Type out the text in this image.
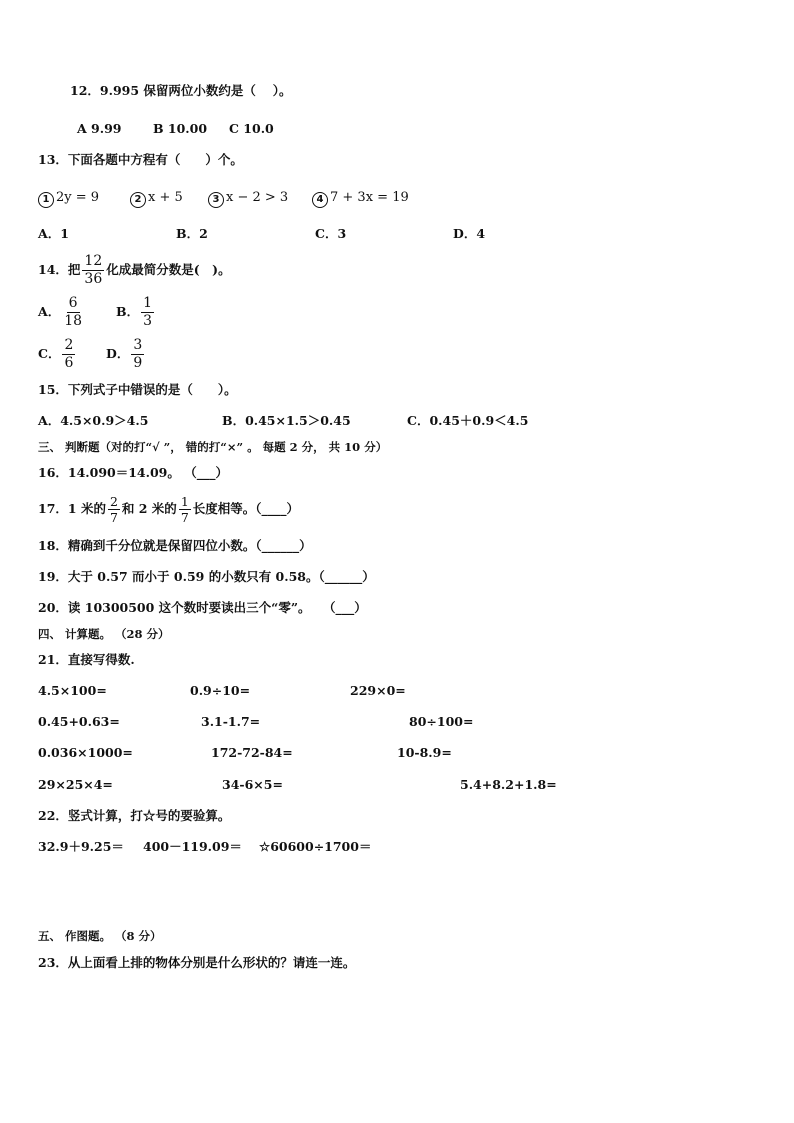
12．9.995 保留两位小数约是（　 ）。
A 9.99	B 10.00 C 10.0
13．下面各题中方程有（　　）个。
1 2y = 9	2 x + 5	3 x − 2 > 3	4 7 + 3x = 19
A．1	B．2	C．3	D．4
14．把 $\frac{12}{36}$ 化成最简分数是(　)。
A． $\frac{6}{18}$	B． $\frac{1}{3}$
C． $\frac{2}{6}$ D． $\frac{3}{9}$
15．下列式子中错误的是（　　）。
A．4.5×0.9＞4.5	B．0.45×1.5＞0.45	C．0.45＋0.9＜4.5
三、 判断题（对的打“√ ”， 错的打“×” 。 每题 2 分， 共 10 分）
16．14.090＝14.09。 （___）
17．1 米的 $\frac{2}{7}$ 和 2 米的 $\frac{1}{7}$ 长度相等。（____）
18．精确到千分位就是保留四位小数。（______）
19．大于 0.57 而小于 0.59 的小数只有 0.58。（______）
20．读 10300500 这个数时要读出三个“零”。　　（___）
四、 计算题。 （28 分）
21．直接写得数.
4.5×100=	0.9÷10=	229×0=
0.45+0.63=	3.1-1.7=	80÷100=
0.036×1000=	172-72-84=	10-8.9=
29×25×4=	34-6×5=	5.4+8.2+1.8=
22．竖式计算，打☆号的要验算。
32.9＋9.25＝ 400－119.09＝ ☆60600÷1700＝
五、 作图题。 （8 分）
23．从上面看上排的物体分别是什么形状的？请连一连。
